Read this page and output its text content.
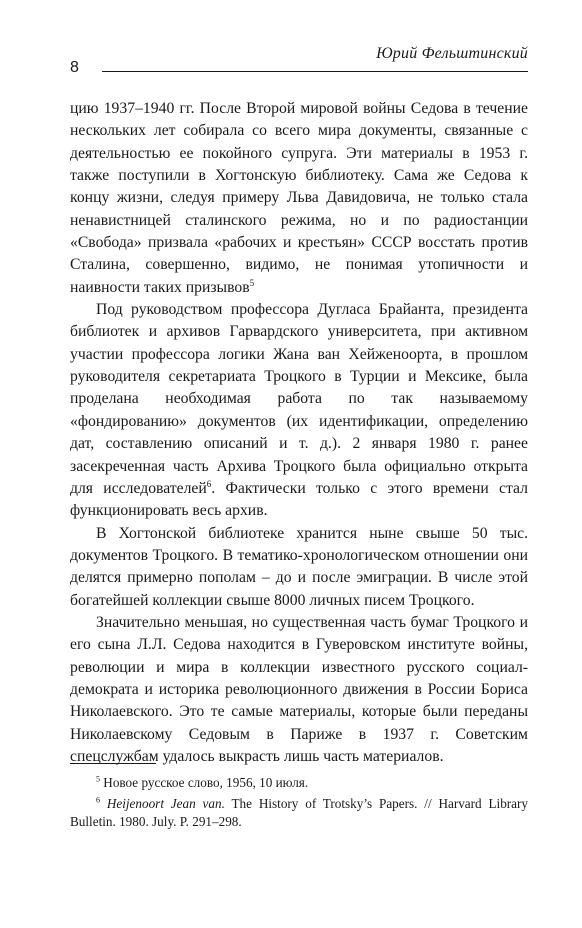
8
Юрий Фельштинский

цию 1937–1940 гг. После Второй мировой войны Седова в течение нескольких лет собирала со всего мира документы, связанные с деятельностью ее покойного супруга. Эти материалы в 1953 г. также поступили в Хогтонскую библиотеку. Сама же Седова к концу жизни, следуя примеру Льва Давидовича, не только стала ненавистницей сталинского режима, но и по радиостанции «Свобода» призвала «рабочих и крестьян» СССР восстать против Сталина, совершенно, видимо, не понимая утопичности и наивности таких призывов$^5$

Под руководством профессора Дугласа Брайанта, президента библиотек и архивов Гарвардского университета, при активном участии профессора логики Жана ван Хейженоорта, в прошлом руководителя секретариата Троцкого в Турции и Мексике, была проделана необходимая работа по так называемому «фондированию» документов (их идентификации, определению дат, составлению описаний и т. д.). 2 января 1980 г. ранее засекреченная часть Архива Троцкого была официально открыта для исследователей$^6$. Фактически только с этого времени стал функционировать весь архив.

В Хогтонской библиотеке хранится ныне свыше 50 тыс. документов Троцкого. В тематико-хронологическом отношении они делятся примерно пополам – до и после эмиграции. В числе этой богатейшей коллекции свыше 8000 личных писем Троцкого.

Значительно меньшая, но существенная часть бумаг Троцкого и его сына Л.Л. Седова находится в Гуверовском институте войны, революции и мира в коллекции известного русского социал-демократа и историка революционного движения в России Бориса Николаевского. Это те самые материалы, которые были переданы Николаевскому Седовым в Париже в 1937 г. Советским спецслужбам удалось выкрасть лишь часть материалов.

$^5$ Новое русское слово, 1956, 10 июля.

$^6$ Heijenoort Jean van. The History of Trotsky’s Papers. // Harvard Library Bulletin. 1980. July. P. 291–298.
